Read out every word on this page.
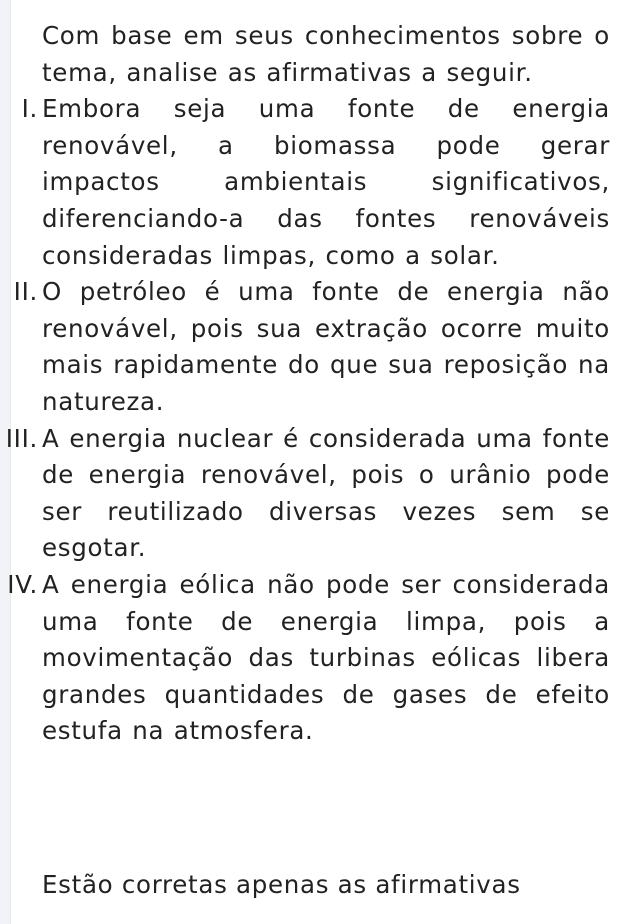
Com base em seus conhecimentos sobre o tema, analise as afirmativas a seguir.

I. Embora seja uma fonte de energia renovável, a biomassa pode gerar impactos ambientais significativos, diferenciando-a das fontes renováveis consideradas limpas, como a solar.
II. O petróleo é uma fonte de energia não renovável, pois sua extração ocorre muito mais rapidamente do que sua reposição na natureza.
III. A energia nuclear é considerada uma fonte de energia renovável, pois o urânio pode ser reutilizado diversas vezes sem se esgotar.
IV. A energia eólica não pode ser considerada uma fonte de energia limpa, pois a movimentação das turbinas eólicas libera grandes quantidades de gases de efeito estufa na atmosfera.

Estão corretas apenas as afirmativas
